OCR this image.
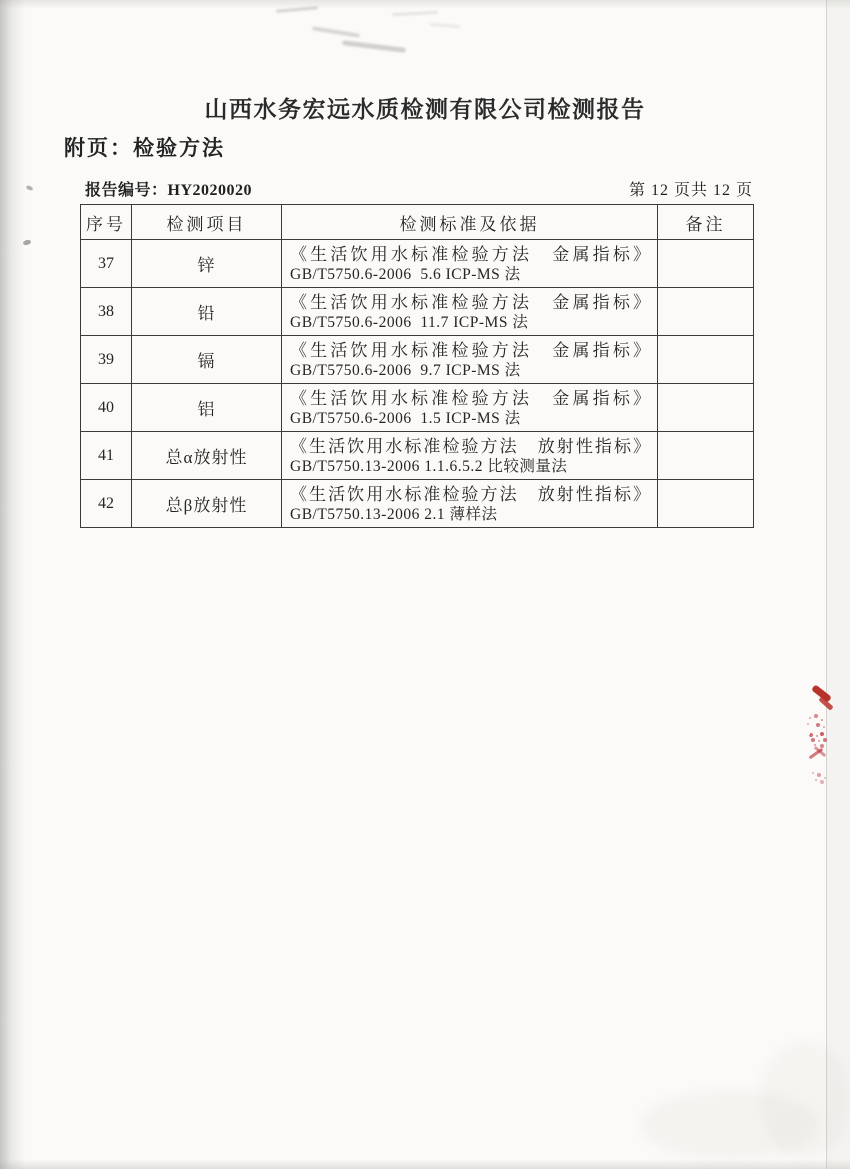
山西水务宏远水质检测有限公司检测报告
附页：检验方法
报告编号：HY2020020	第 12 页共 12 页
序号	检测项目	检测标准及依据	备注
37	锌	《生活饮用水标准检验方法　金属指标》
GB/T5750.6-2006  5.6 ICP-MS 法	

38	铅	《生活饮用水标准检验方法　金属指标》
GB/T5750.6-2006  11.7 ICP-MS 法	

39	镉	《生活饮用水标准检验方法　金属指标》
GB/T5750.6-2006  9.7 ICP-MS 法	

40	铝	《生活饮用水标准检验方法　金属指标》
GB/T5750.6-2006  1.5 ICP-MS 法	

41	总α放射性	《生活饮用水标准检验方法　放射性指标》
GB/T5750.13-2006 1.1.6.5.2 比较测量法	

42	总β放射性	《生活饮用水标准检验方法　放射性指标》
GB/T5750.13-2006 2.1 薄样法	
